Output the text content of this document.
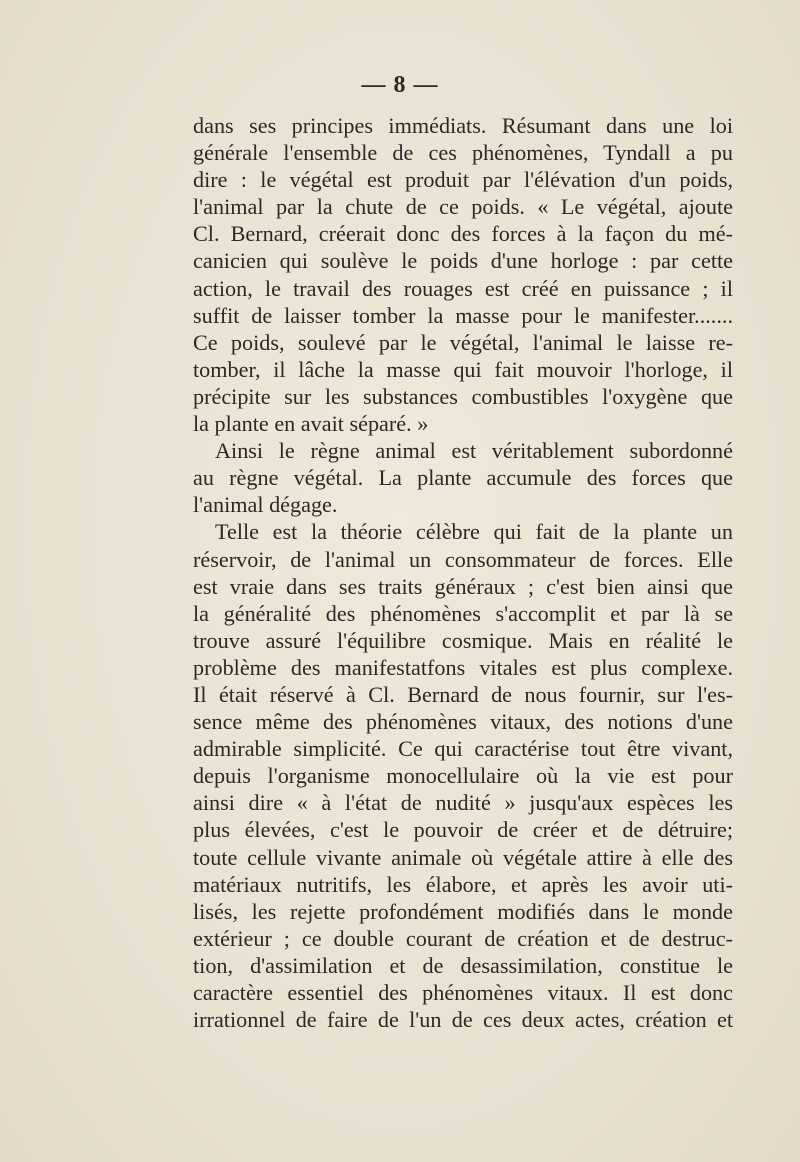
— 8 —
dans ses principes immédiats. Résumant dans une loi
générale l'ensemble de ces phénomènes, Tyndall a pu
dire : le végétal est produit par l'élévation d'un poids,
l'animal par la chute de ce poids. « Le végétal, ajoute
Cl. Bernard, créerait donc des forces à la façon du mé-
canicien qui soulève le poids d'une horloge : par cette
action, le travail des rouages est créé en puissance ; il
suffit de laisser tomber la masse pour le manifester.......
Ce poids, soulevé par le végétal, l'animal le laisse re-
tomber, il lâche la masse qui fait mouvoir l'horloge, il
précipite sur les substances combustibles l'oxygène que
la plante en avait séparé. »
Ainsi le règne animal est véritablement subordonné
au règne végétal. La plante accumule des forces que
l'animal dégage.
Telle est la théorie célèbre qui fait de la plante un
réservoir, de l'animal un consommateur de forces. Elle
est vraie dans ses traits généraux ; c'est bien ainsi que
la généralité des phénomènes s'accomplit et par là se
trouve assuré l'équilibre cosmique. Mais en réalité le
problème des manifestatfons vitales est plus complexe.
Il était réservé à Cl. Bernard de nous fournir, sur l'es-
sence même des phénomènes vitaux, des notions d'une
admirable simplicité. Ce qui caractérise tout être vivant,
depuis l'organisme monocellulaire où la vie est pour
ainsi dire « à l'état de nudité » jusqu'aux espèces les
plus élevées, c'est le pouvoir de créer et de détruire;
toute cellule vivante animale où végétale attire à elle des
matériaux nutritifs, les élabore, et après les avoir uti-
lisés, les rejette profondément modifiés dans le monde
extérieur ; ce double courant de création et de destruc-
tion, d'assimilation et de desassimilation, constitue le
caractère essentiel des phénomènes vitaux. Il est donc
irrationnel de faire de l'un de ces deux actes, création et
